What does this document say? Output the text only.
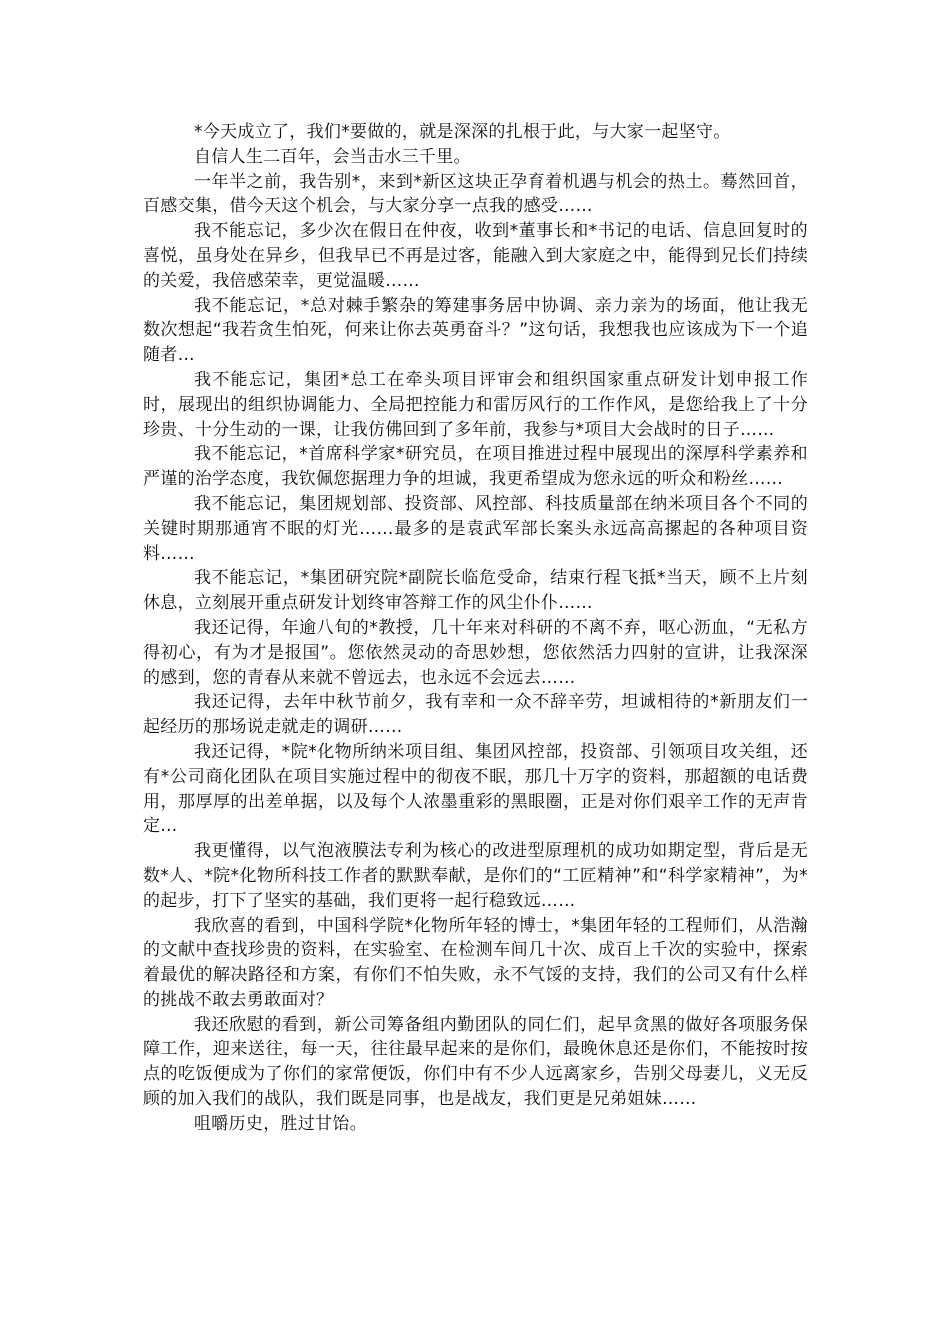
*今天成立了，我们*要做的，就是深深的扎根于此，与大家一起坚守。

自信人生二百年，会当击水三千里。

一年半之前，我告别*，来到*新区这块正孕育着机遇与机会的热土。蓦然回首，百感交集，借今天这个机会，与大家分享一点我的感受……

我不能忘记，多少次在假日在仲夜，收到*董事长和*书记的电话、信息回复时的喜悦，虽身处在异乡，但我早已不再是过客，能融入到大家庭之中，能得到兄长们持续的关爱，我倍感荣幸，更觉温暖……

我不能忘记，*总对棘手繁杂的筹建事务居中协调、亲力亲为的场面，他让我无数次想起“我若贪生怕死，何来让你去英勇奋斗？”这句话，我想我也应该成为下一个追随者…

我不能忘记，集团*总工在牵头项目评审会和组织国家重点研发计划申报工作时，展现出的组织协调能力、全局把控能力和雷厉风行的工作作风，是您给我上了十分珍贵、十分生动的一课，让我仿佛回到了多年前，我参与*项目大会战时的日子……

我不能忘记，*首席科学家*研究员，在项目推进过程中展现出的深厚科学素养和严谨的治学态度，我钦佩您据理力争的坦诚，我更希望成为您永远的听众和粉丝……

我不能忘记，集团规划部、投资部、风控部、科技质量部在纳米项目各个不同的关键时期那通宵不眠的灯光……最多的是袁武军部长案头永远高高摞起的各种项目资料……

我不能忘记，*集团研究院*副院长临危受命，结束行程飞抵*当天，顾不上片刻休息，立刻展开重点研发计划终审答辩工作的风尘仆仆……

我还记得，年逾八旬的*教授，几十年来对科研的不离不弃，呕心沥血，“无私方得初心，有为才是报国”。您依然灵动的奇思妙想，您依然活力四射的宣讲，让我深深的感到，您的青春从来就不曾远去，也永远不会远去……

我还记得，去年中秋节前夕，我有幸和一众不辞辛劳，坦诚相待的*新朋友们一起经历的那场说走就走的调研……

我还记得，*院*化物所纳米项目组、集团风控部，投资部、引领项目攻关组，还有*公司商化团队在项目实施过程中的彻夜不眠，那几十万字的资料，那超额的电话费用，那厚厚的出差单据，以及每个人浓墨重彩的黑眼圈，正是对你们艰辛工作的无声肯定…

我更懂得，以气泡液膜法专利为核心的改进型原理机的成功如期定型，背后是无数*人、*院*化物所科技工作者的默默奉献，是你们的“工匠精神”和“科学家精神”，为*的起步，打下了坚实的基础，我们更将一起行稳致远……

我欣喜的看到，中国科学院*化物所年轻的博士，*集团年轻的工程师们，从浩瀚的文献中查找珍贵的资料，在实验室、在检测车间几十次、成百上千次的实验中，探索着最优的解决路径和方案，有你们不怕失败，永不气馁的支持，我们的公司又有什么样的挑战不敢去勇敢面对？

我还欣慰的看到，新公司筹备组内勤团队的同仁们，起早贪黑的做好各项服务保障工作，迎来送往，每一天，往往最早起来的是你们，最晚休息还是你们，不能按时按点的吃饭便成为了你们的家常便饭，你们中有不少人远离家乡，告别父母妻儿，义无反顾的加入我们的战队，我们既是同事，也是战友，我们更是兄弟姐妹……

咀嚼历史，胜过甘饴。
